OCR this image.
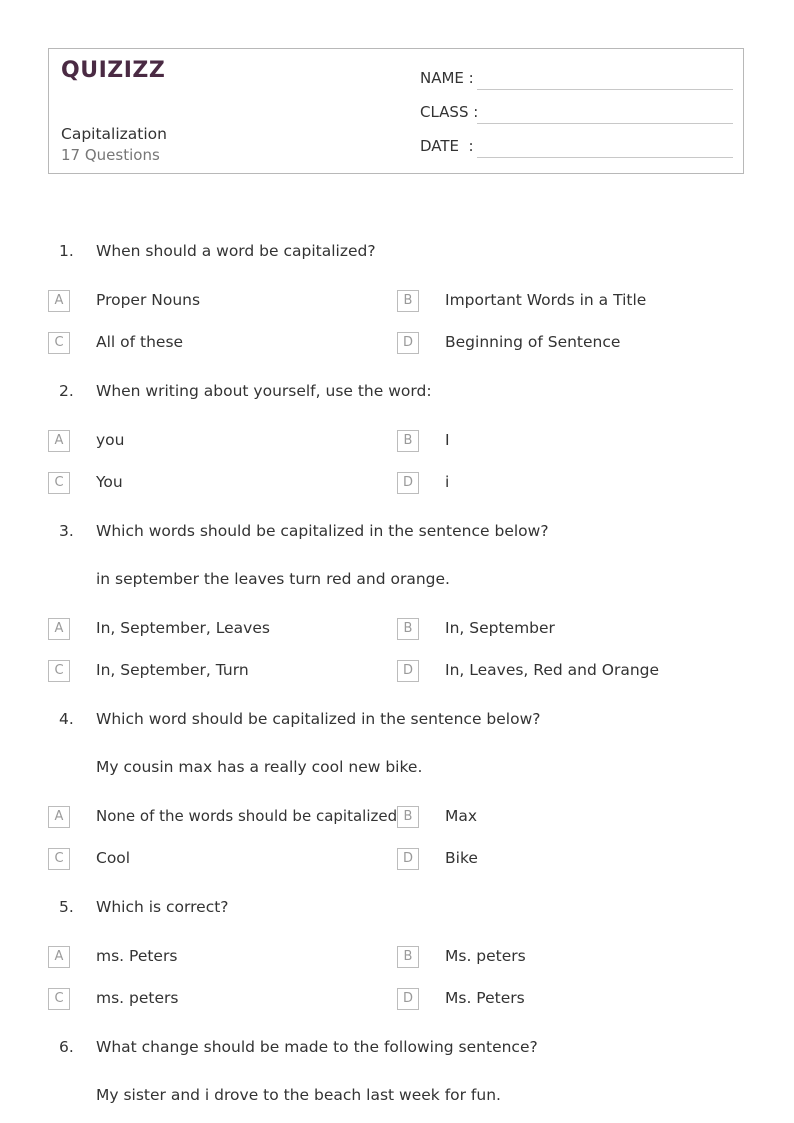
QUIZIZZ
Capitalization
17 Questions
NAME :
CLASS :
DATE  :
1. When should a word be capitalized?
A	Proper Nouns	B	Important Words in a Title
C	All of these	D	Beginning of Sentence
2. When writing about yourself, use the word:
A	you	B	I
C	You	D	i
3. Which words should be capitalized in the sentence below?
in september the leaves turn red and orange.
A	In, September, Leaves	B	In, September
C	In, September, Turn	D	In, Leaves, Red and Orange
4. Which word should be capitalized in the sentence below?
My cousin max has a really cool new bike.
A	None of the words should be capitalized B	Max
C	Cool	D	Bike
5. Which is correct?
A	ms. Peters	B	Ms. peters
C	ms. peters	D	Ms. Peters
6. What change should be made to the following sentence?
My sister and i drove to the beach last week for fun.
